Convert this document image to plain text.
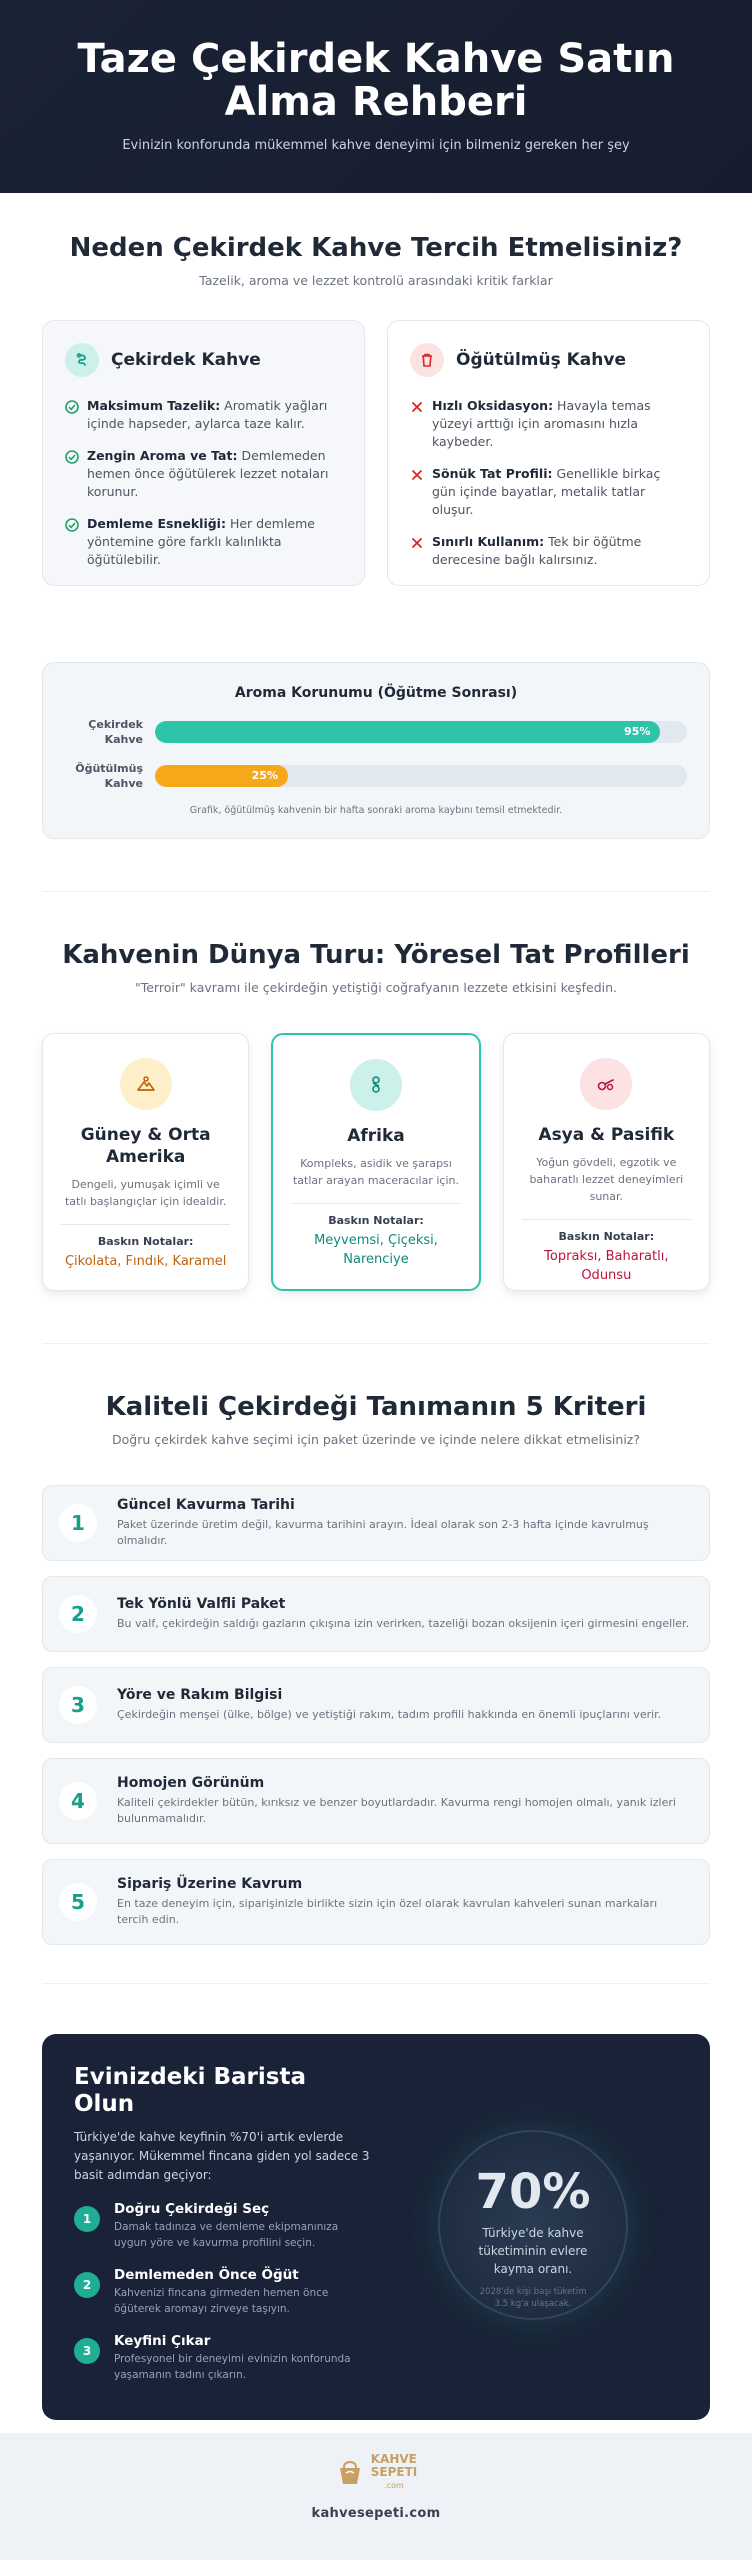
Taze Çekirdek Kahve Satın Alma Rehberi

Evinizin konforunda mükemmel kahve deneyimi için bilmeniz gereken her şey

Neden Çekirdek Kahve Tercih Etmelisiniz?

Tazelik, aroma ve lezzet kontrolü arasındaki kritik farklar

Çekirdek Kahve
Maksimum Tazelik: Aromatik yağları içinde hapseder, aylarca taze kalır.
Zengin Aroma ve Tat: Demlemeden hemen önce öğütülerek lezzet notaları korunur.
Demleme Esnekliği: Her demleme yöntemine göre farklı kalınlıkta öğütülebilir.
Öğütülmüş Kahve
Hızlı Oksidasyon: Havayla temas yüzeyi arttığı için aromasını hızla kaybeder.
Sönük Tat Profili: Genellikle birkaç gün içinde bayatlar, metalik tatlar oluşur.
Sınırlı Kullanım: Tek bir öğütme derecesine bağlı kalırsınız.
Aroma Korunumu (Öğütme Sonrası)
Çekirdek Kahve
95%
Öğütülmüş Kahve
25%

Grafik, öğütülmüş kahvenin bir hafta sonraki aroma kaybını temsil etmektedir.

Kahvenin Dünya Turu: Yöresel Tat Profilleri

"Terroir" kavramı ile çekirdeğin yetiştiği coğrafyanın lezzete etkisini keşfedin.

Güney & Orta Amerika

Dengeli, yumuşak içimli ve tatlı başlangıçlar için idealdir.

Baskın Notalar:
Çikolata, Fındık, Karamel
Afrika

Kompleks, asidik ve şarapsı tatlar arayan maceracılar için.

Baskın Notalar:
Meyvemsi, Çiçeksi, Narenciye
Asya & Pasifik

Yoğun gövdeli, egzotik ve baharatlı lezzet deneyimleri sunar.

Baskın Notalar:
Topraksı, Baharatlı, Odunsu
Kaliteli Çekirdeği Tanımanın 5 Kriteri

Doğru çekirdek kahve seçimi için paket üzerinde ve içinde nelere dikkat etmelisiniz?

1
Güncel Kavurma Tarihi

Paket üzerinde üretim değil, kavurma tarihini arayın. İdeal olarak son 2-3 hafta içinde kavrulmuş olmalıdır.

2	Tek Yönlü Valfli Paket

Bu valf, çekirdeğin saldığı gazların çıkışına izin verirken, tazeliği bozan oksijenin içeri girmesini engeller.

3	Yöre ve Rakım Bilgisi

Çekirdeğin menşei (ülke, bölge) ve yetiştiği rakım, tadım profili hakkında en önemli ipuçlarını verir.

4
Homojen Görünüm

Kaliteli çekirdekler bütün, kırıksız ve benzer boyutlardadır. Kavurma rengi homojen olmalı, yanık izleri bulunmamalıdır.

5
Sipariş Üzerine Kavrum

En taze deneyim için, siparişinizle birlikte sizin için özel olarak kavrulan kahveleri sunan markaları tercih edin.

Evinizdeki Barista Olun

Türkiye'de kahve keyfinin %70'i artık evlerde yaşanıyor. Mükemmel fincana giden yol sadece 3 basit adımdan geçiyor:

1
Doğru Çekirdeği Seç

Damak tadınıza ve demleme ekipmanınıza uygun yöre ve kavurma profilini seçin.

2
Demlemeden Önce Öğüt

Kahvenizi fincana girmeden hemen önce öğüterek aromayı zirveye taşıyın.

3
Keyfini Çıkar

Profesyonel bir deneyimi evinizin konforunda yaşamanın tadını çıkarın.

70%
Türkiye'de kahve tüketiminin evlere kayma oranı.
2028'de kişi başı tüketim 3.5 kg'a ulaşacak.
KAHVE
SEPETI
.com
kahvesepeti.com
